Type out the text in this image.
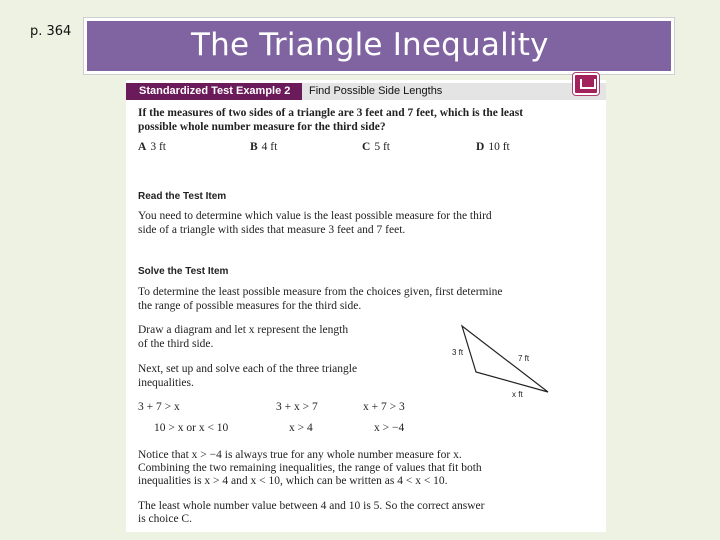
p. 364	The Triangle Inequality
Standardized Test Example 2	Find Possible Side Lengths
If the measures of two sides of a triangle are 3 feet and 7 feet, which is the least
possible whole number measure for the third side?
A 3 ft	B 4 ft	C 5 ft	D 10 ft
Read the Test Item
You need to determine which value is the least possible measure for the third
side of a triangle with sides that measure 3 feet and 7 feet.
Solve the Test Item
To determine the least possible measure from the choices given, first determine
the range of possible measures for the third side.
Draw a diagram and let x represent the length
of the third side.
Next, set up and solve each of the three triangle
inequalities.
3 ft
7 ft
x ft
3 + 7 > x	3 + x > 7	x + 7 > 3
10 > x or x < 10	x > 4	x > −4
Notice that x > −4 is always true for any whole number measure for x.
Combining the two remaining inequalities, the range of values that fit both
inequalities is x > 4 and x < 10, which can be written as 4 < x < 10.
The least whole number value between 4 and 10 is 5. So the correct answer
is choice C.
